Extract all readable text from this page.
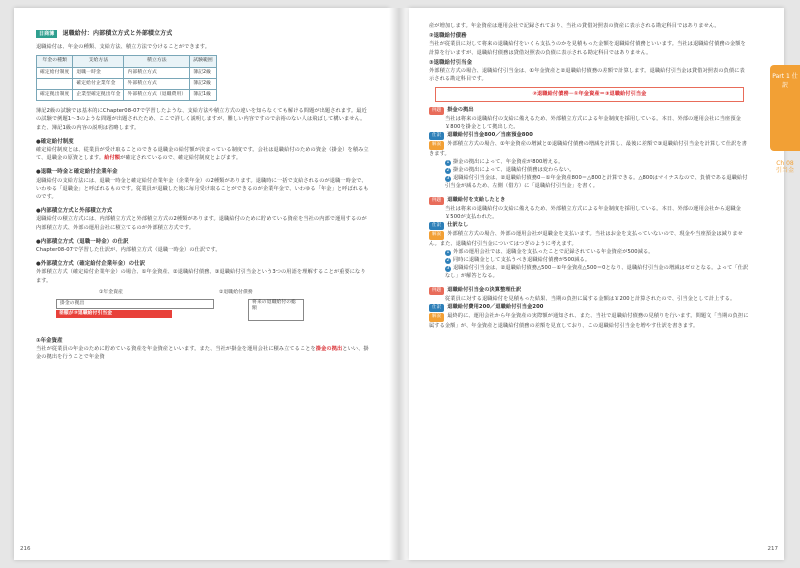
日商簿 退職給付：内部積立方式と外部積立方式
退職給付は、年金の種類、支給方法、積立方法で分けることができます。
年金の種類	支給方法	積立方法	試験範囲
確定給付制度	退職一時金	内部積立方式	簿記2級
	確定給付企業年金	外部積立方式	簿記2級
確定拠出制度	企業型確定拠出年金	外部積立方式（退職費用）	簿記1級
簿記2級の試験では基本的にChapter08-07で学習したような、支給方法や積立方式の違いを知らなくても解ける問題が出題されます。最近の試験で例題1〜3のような問題が出題されたため、ここで詳しく説明しますが、難しい内容ですので余裕のない人は飛ばして構いません。また、簿記1級の内容の説明は省略します。
●確定給付制度
確定給付制度とは、従業員が受け取ることのできる退職金の給付額が決まっている制度です。会社は退職給付のための資金（掛金）を積み立て、退職金の原資とします。給付額が確定されているので、確定給付制度とよびます。
●退職一時金と確定給付企業年金
退職給付の支給方法には、退職一時金と確定給付企業年金（企業年金）の2種類があります。退職時に一括で支給されるのが退職一時金で、いわゆる「退職金」と呼ばれるものです。従業員が退職した後に毎月受け取ることができるのが企業年金で、いわゆる「年金」と呼ばれるものです。
●内部積立方式と外部積立方式
退職給付の積立方式には、内部積立方式と外部積立方式の2種類があります。退職給付のために貯めている資産を当社の内部で運用するのが内部積立方式、外部の運用会社に積立てるのが外部積立方式です。
●内部積立方式（退職一時金）の仕訳
Chapter08-07で学習した仕訳が、内部積立方式（退職一時金）の仕訳です。
●外部積立方式（確定給付企業年金）の仕訳
外部積立方式（確定給付企業年金）の場合、①年金資産、②退職給付債務、③退職給付引当金という3つの用語を理解することが重要になります。
①年金資産	②退職給付債務
掛金の拠出
差額が③退職給付引当金
将来の退職給付の総額
①年金資産
当社が従業員の年金のために貯めている資産を年金資産といいます。また、当社が掛金を運用会社に積み立てることを掛金の拠出といい、掛金の拠出を行うことで年金資
216
産が増加します。年金資産は運用会社で記録されており、当社の貸借対照表の資産に表示される勘定科目ではありません。
②退職給付債務
当社が従業員に対して将来の退職給付をいくら支払うのかを見積もった金額を退職給付債務といいます。当社は退職給付債務の金額を計算を行いますが、退職給付債務は貸借対照表の負債に表示される勘定科目ではありません。
③退職給付引当金
外部積立方式の場合、退職給付引当金は、①年金資産と②退職給付債務の差額で計算します。退職給付引当金は貸借対照表の負債に表示される勘定科目です。
②退職給付債務－①年金資産＝③退職給付引当金
例題 掛金の拠出
当社は将来の退職給付の支給に備えるため、外部積立方式による年金制度を採用している。本日、外部の運用会社に当座預金￥800を掛金として拠出した。
仕訳 退職給付引当金800／当座預金800
解説 外部積立方式の場合、①年金資産の増減と②退職給付債務の増減を計算し、最後に差額で③退職給付引当金を計算して仕訳を書きます。
1 掛金の拠出によって、年金資産が800増える。
2 掛金の拠出によって、退職給付債務は変わらない。
3 退職給付引当金は、②退職給付債務0－①年金資産800＝△800と計算できる。△800はマイナスなので、負債である退職給付引当金が減るため、左側（借方）に「退職給付引当金」を書く。
例題 退職給付を支給したとき
当社は将来の退職給付の支給に備えるため、外部積立方式による年金制度を採用している。本日、外部の運用会社から退職金￥500が支払われた。
仕訳 仕訳なし
解説 外部積立方式の場合、外部の運用会社が退職金を支払います。当社はお金を支払っていないので、現金や当座預金は減りません。また、退職給付引当金についてはつぎのように考えます。
1 外部の運用会社では、退職金を支払ったことで記録されている年金資産が500減る。
2 同時に退職金として支払うべき退職給付債務が500減る。
3 退職給付引当金は、②退職給付債務△500－①年金資産△500＝0となり、退職給付引当金の増減はゼロとなる。よって「仕訳なし」が解答となる。
例題 退職給付引当金の決算整理仕訳
従業員に対する退職給付を見積もった結果、当期の負担に属する金額は￥200と計算されたので、引当金として計上する。
仕訳 退職給付費用200／退職給付引当金200
解説 最終的に、運用会社から年金資産の実際額が通知され、また、当社で退職給付債務の見積りを行います。問題文「当期の負担に属する金額」が、年金資産と退職給付債務の差額を見直しており、この退職給付引当金を増やす仕訳を書きます。
217
Part 1 仕訳
Ch 08 引当金
